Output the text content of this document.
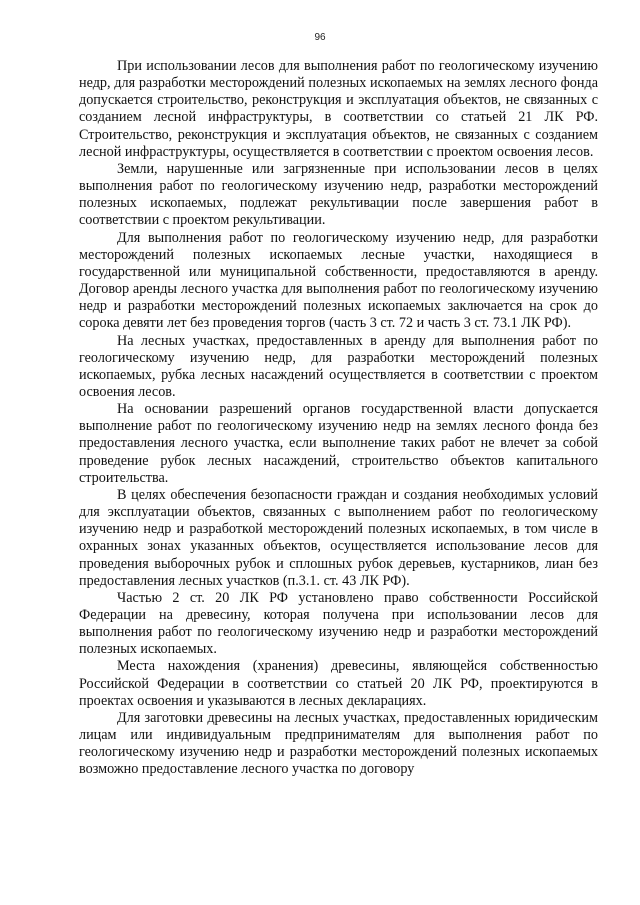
96

При использовании лесов для выполнения работ по геологическому изучению недр, для разработки месторождений полезных ископаемых на землях лесного фонда допускается строительство, реконструкция и эксплуатация объектов, не связанных с созданием лесной инфраструктуры, в соответствии со статьей 21 ЛК РФ. Строительство, реконструкция и эксплуатация объектов, не связанных с созданием лесной инфраструктуры, осуществляется в соответствии с проектом освоения лесов.

Земли, нарушенные или загрязненные при использовании лесов в целях выполнения работ по геологическому изучению недр, разработки месторождений полезных ископаемых, подлежат рекультивации после завершения работ в соответствии с проектом рекультивации.

Для выполнения работ по геологическому изучению недр, для разработки месторождений полезных ископаемых лесные участки, находящиеся в государственной или муниципальной собственности, предоставляются в аренду. Договор аренды лесного участка для выполнения работ по геологическому изучению недр и разработки месторождений полезных ископаемых заключается на срок до сорока девяти лет без проведения торгов (часть 3 ст. 72 и часть 3 ст. 73.1 ЛК РФ).

На лесных участках, предоставленных в аренду для выполнения работ по геологическому изучению недр, для разработки месторождений полезных ископаемых, рубка лесных насаждений осуществляется в соответствии с проектом освоения лесов.

На основании разрешений органов государственной власти допускается выполнение работ по геологическому изучению недр на землях лесного фонда без предоставления лесного участка, если выполнение таких работ не влечет за собой проведение рубок лесных насаждений, строительство объектов капитального строительства.

В целях обеспечения безопасности граждан и создания необходимых условий для эксплуатации объектов, связанных с выполнением работ по геологическому изучению недр и разработкой месторождений полезных ископаемых, в том числе в охранных зонах указанных объектов, осуществляется использование лесов для проведения выборочных рубок и сплошных рубок деревьев, кустарников, лиан без предоставления лесных участков (п.3.1. ст. 43 ЛК РФ).

Частью 2 ст. 20 ЛК РФ установлено право собственности Российской Федерации на древесину, которая получена при использовании лесов для выполнения работ по геологическому изучению недр и разработки месторождений полезных ископаемых.

Места нахождения (хранения) древесины, являющейся собственностью Российской Федерации в соответствии со статьей 20 ЛК РФ, проектируются в проектах освоения и указываются в лесных декларациях.

Для заготовки древесины на лесных участках, предоставленных юридическим лицам или индивидуальным предпринимателям для выполнения работ по геологическому изучению недр и разработки месторождений полезных ископаемых возможно предоставление лесного участка по договору
